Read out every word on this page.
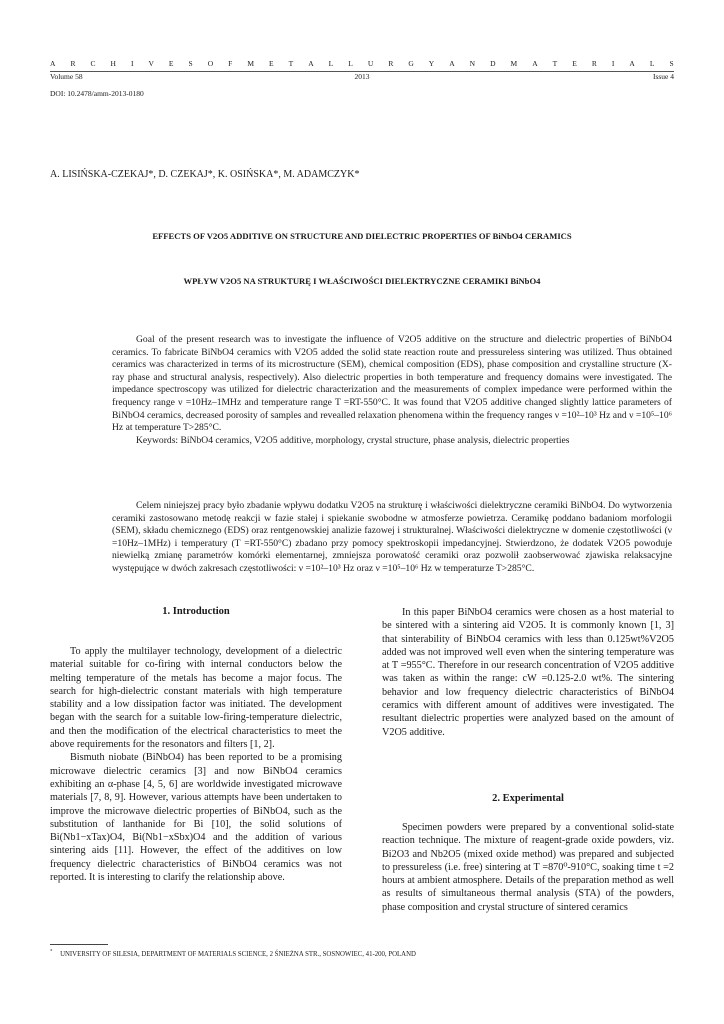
A R C H I V E S O F M E T A L L U R G Y A N D M A T E R I A L S
Volume 58	2013	Issue 4
DOI: 10.2478/amm-2013-0180
A. LISIŃSKA-CZEKAJ*, D. CZEKAJ*, K. OSIŃSKA*, M. ADAMCZYK*
EFFECTS OF V2O5 ADDITIVE ON STRUCTURE AND DIELECTRIC PROPERTIES OF BiNbO4 CERAMICS
WPŁYW V2O5 NA STRUKTURĘ I WŁAŚCIWOŚCI DIELEKTRYCZNE CERAMIKI BiNbO4

Goal of the present research was to investigate the influence of V2O5 additive on the structure and dielectric properties of BiNbO4 ceramics. To fabricate BiNbO4 ceramics with V2O5 added the solid state reaction route and pressureless sintering was utilized. Thus obtained ceramics was characterized in terms of its microstructure (SEM), chemical composition (EDS), phase composition and crystalline structure (X-ray phase and structural analysis, respectively). Also dielectric properties in both temperature and frequency domains were investigated. The impedance spectroscopy was utilized for dielectric characterization and the measurements of complex impedance were performed within the frequency range ν =10Hz–1MHz and temperature range T =RT-550°C. It was found that V2O5 additive changed slightly lattice parameters of BiNbO4 ceramics, decreased porosity of samples and revealled relaxation phenomena within the frequency ranges ν =10²–10³ Hz and ν =10⁵–10⁶ Hz at temperature T>285°C.

Keywords: BiNbO4 ceramics, V2O5 additive, morphology, crystal structure, phase analysis, dielectric properties

Celem niniejszej pracy było zbadanie wpływu dodatku V2O5 na strukturę i właściwości dielektryczne ceramiki BiNbO4. Do wytworzenia ceramiki zastosowano metodę reakcji w fazie stałej i spiekanie swobodne w atmosferze powietrza. Ceramikę poddano badaniom morfologii (SEM), składu chemicznego (EDS) oraz rentgenowskiej analizie fazowej i strukturalnej. Właściwości dielektryczne w domenie częstotliwości (ν =10Hz–1MHz) i temperatury (T =RT-550°C) zbadano przy pomocy spektroskopii impedancyjnej. Stwierdzono, że dodatek V2O5 powoduje niewielką zmianę parametrów komórki elementarnej, zmniejsza porowatość ceramiki oraz pozwolił zaobserwować zjawiska relaksacyjne występujące w dwóch zakresach częstotliwości: ν =10²–10³ Hz oraz ν =10⁵–10⁶ Hz w temperaturze T>285°C.

1. Introduction

To apply the multilayer technology, development of a dielectric material suitable for co-firing with internal conductors below the melting temperature of the metals has become a major focus. The search for high-dielectric constant materials with high temperature stability and a low dissipation factor was initiated. The development began with the search for a suitable low-firing-temperature dielectric, and then the modification of the electrical characteristics to meet the above requirements for the resonators and filters [1, 2].

Bismuth niobate (BiNbO4) has been reported to be a promising microwave dielectric ceramics [3] and now BiNbO4 ceramics exhibiting an α-phase [4, 5, 6] are worldwide investigated microwave materials [7, 8, 9]. However, various attempts have been undertaken to improve the microwave dielectric properties of BiNbO4, such as the substitution of lanthanide for Bi [10], the solid solutions of Bi(Nb1−xTax)O4, Bi(Nb1−xSbx)O4 and the addition of various sintering aids [11]. However, the effect of the additives on low frequency dielectric characteristics of BiNbO4 ceramics was not reported. It is interesting to clarify the relationship above.

In this paper BiNbO4 ceramics were chosen as a host material to be sintered with a sintering aid V2O5. It is commonly known [1, 3] that sinterability of BiNbO4 ceramics with less than 0.125wt%V2O5 added was not improved well even when the sintering temperature was at T =955°C. Therefore in our research concentration of V2O5 additive was taken as within the range: cW =0.125-2.0 wt%. The sintering behavior and low frequency dielectric characteristics of BiNbO4 ceramics with different amount of additives were investigated. The resultant dielectric properties were analyzed based on the amount of V2O5 additive.

2. Experimental

Specimen powders were prepared by a conventional solid-state reaction technique. The mixture of reagent-grade oxide powders, viz. Bi2O3 and Nb2O5 (mixed oxide method) was prepared and subjected to pressureless (i.e. free) sintering at T =870⁰-910°C, soaking time t =2 hours at ambient atmosphere. Details of the preparation method as well as results of simultaneous thermal analysis (STA) of the powders, phase composition and crystal structure of sintered ceramics

* UNIVERSITY OF SILESIA, DEPARTMENT OF MATERIALS SCIENCE, 2 ŚNIEŻNA STR., SOSNOWIEC, 41-200, POLAND
